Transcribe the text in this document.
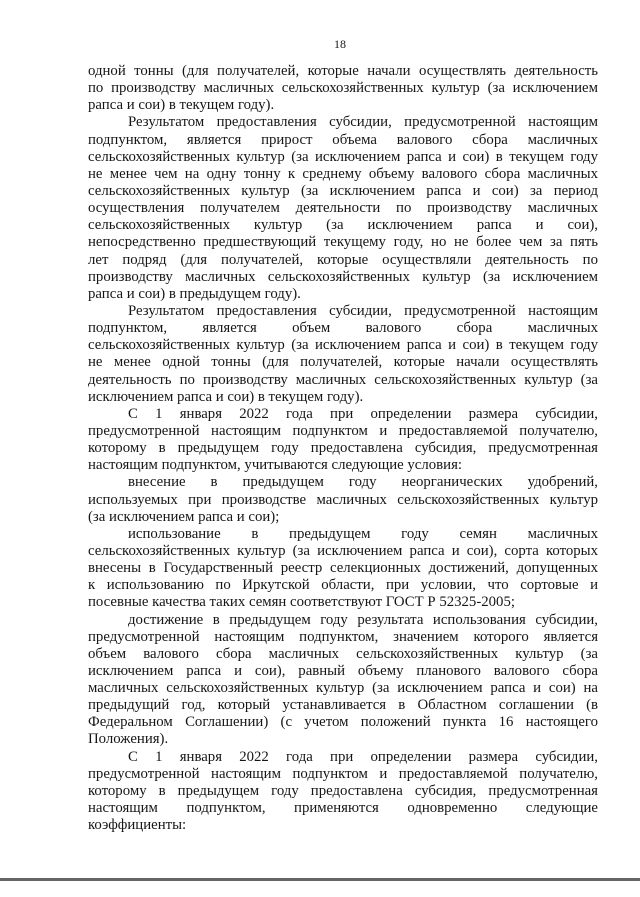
18
одной тонны (для получателей, которые начали осуществлять деятельность
по производству масличных сельскохозяйственных культур (за исключением
рапса и сои) в текущем году).
Результатом предоставления субсидии, предусмотренной настоящим
подпунктом, является прирост объема валового сбора масличных
сельскохозяйственных культур (за исключением рапса и сои) в текущем году
не менее чем на одну тонну к среднему объему валового сбора масличных
сельскохозяйственных культур (за исключением рапса и сои) за период
осуществления получателем деятельности по производству масличных
сельскохозяйственных культур (за исключением рапса и сои),
непосредственно предшествующий текущему году, но не более чем за пять
лет подряд (для получателей, которые осуществляли деятельность по
производству масличных сельскохозяйственных культур (за исключением
рапса и сои) в предыдущем году).
Результатом предоставления субсидии, предусмотренной настоящим
подпунктом, является объем валового сбора масличных
сельскохозяйственных культур (за исключением рапса и сои) в текущем году
не менее одной тонны (для получателей, которые начали осуществлять
деятельность по производству масличных сельскохозяйственных культур (за
исключением рапса и сои) в текущем году).
С 1 января 2022 года при определении размера субсидии,
предусмотренной настоящим подпунктом и предоставляемой получателю,
которому в предыдущем году предоставлена субсидия, предусмотренная
настоящим подпунктом, учитываются следующие условия:
внесение в предыдущем году неорганических удобрений,
используемых при производстве масличных сельскохозяйственных культур
(за исключением рапса и сои);
использование в предыдущем году семян масличных
сельскохозяйственных культур (за исключением рапса и сои), сорта которых
внесены в Государственный реестр селекционных достижений, допущенных
к использованию по Иркутской области, при условии, что сортовые и
посевные качества таких семян соответствуют ГОСТ Р 52325-2005;
достижение в предыдущем году результата использования субсидии,
предусмотренной настоящим подпунктом, значением которого является
объем валового сбора масличных сельскохозяйственных культур (за
исключением рапса и сои), равный объему планового валового сбора
масличных сельскохозяйственных культур (за исключением рапса и сои) на
предыдущий год, который устанавливается в Областном соглашении (в
Федеральном Соглашении) (с учетом положений пункта 16 настоящего
Положения).
С 1 января 2022 года при определении размера субсидии,
предусмотренной настоящим подпунктом и предоставляемой получателю,
которому в предыдущем году предоставлена субсидия, предусмотренная
настоящим подпунктом, применяются одновременно следующие
коэффициенты:
